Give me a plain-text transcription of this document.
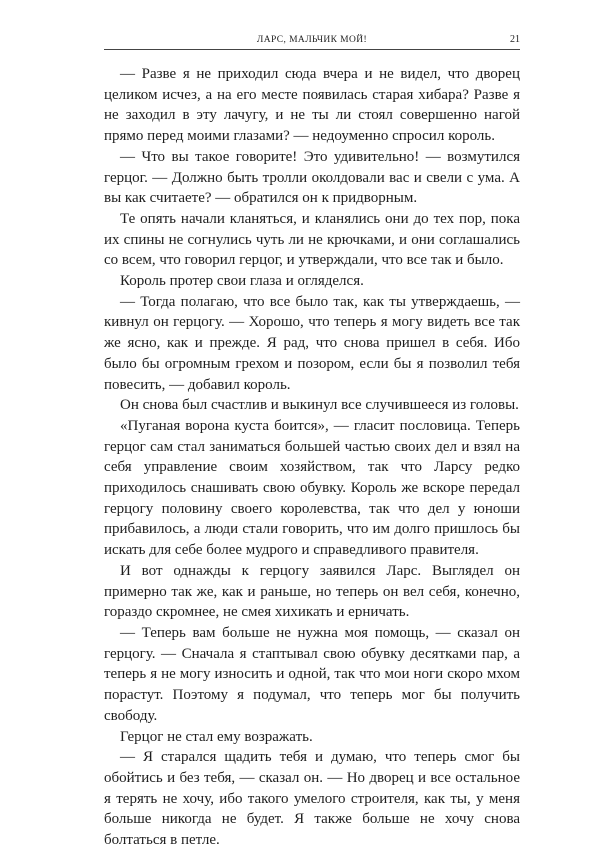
ЛАРС, МАЛЬЧИК МОЙ!	21

— Разве я не приходил сюда вчера и не видел, что дворец целиком исчез, а на его месте появилась старая хибара? Разве я не заходил в эту лачугу, и не ты ли стоял совершенно нагой прямо перед моими глазами? — недоуменно спросил король.

— Что вы такое говорите! Это удивительно! — возмутился герцог. — Должно быть тролли околдовали вас и свели с ума. А вы как считаете? — обратился он к придворным.

Те опять начали кланяться, и кланялись они до тех пор, пока их спины не согнулись чуть ли не крючками, и они соглашались со всем, что говорил герцог, и утверждали, что все так и было.

Король протер свои глаза и огляделся.

— Тогда полагаю, что все было так, как ты утверждаешь, — кивнул он герцогу. — Хорошо, что теперь я могу видеть все так же ясно, как и прежде. Я рад, что снова пришел в себя. Ибо было бы огромным грехом и позором, если бы я позволил тебя повесить, — добавил король.

Он снова был счастлив и выкинул все случившееся из головы.

«Пуганая ворона куста боится», — гласит пословица. Теперь герцог сам стал заниматься большей частью своих дел и взял на себя управление своим хозяйством, так что Ларсу редко приходилось снашивать свою обувку. Король же вскоре передал герцогу половину своего королевства, так что дел у юноши прибавилось, а люди стали говорить, что им долго пришлось бы искать для себе более мудрого и справедливого правителя.

И вот однажды к герцогу заявился Ларс. Выглядел он примерно так же, как и раньше, но теперь он вел себя, конечно, гораздо скромнее, не смея хихикать и ерничать.

— Теперь вам больше не нужна моя помощь, — сказал он герцогу. — Сначала я стаптывал свою обувку десятками пар, а теперь я не могу износить и одной, так что мои ноги скоро мхом порастут. Поэтому я подумал, что теперь мог бы получить свободу.

Герцог не стал ему возражать.

— Я старался щадить тебя и думаю, что теперь смог бы обойтись и без тебя, — сказал он. — Но дворец и все остальное я терять не хочу, ибо такого умелого строителя, как ты, у меня больше никогда не будет. Я также больше не хочу снова болтаться в петле.
